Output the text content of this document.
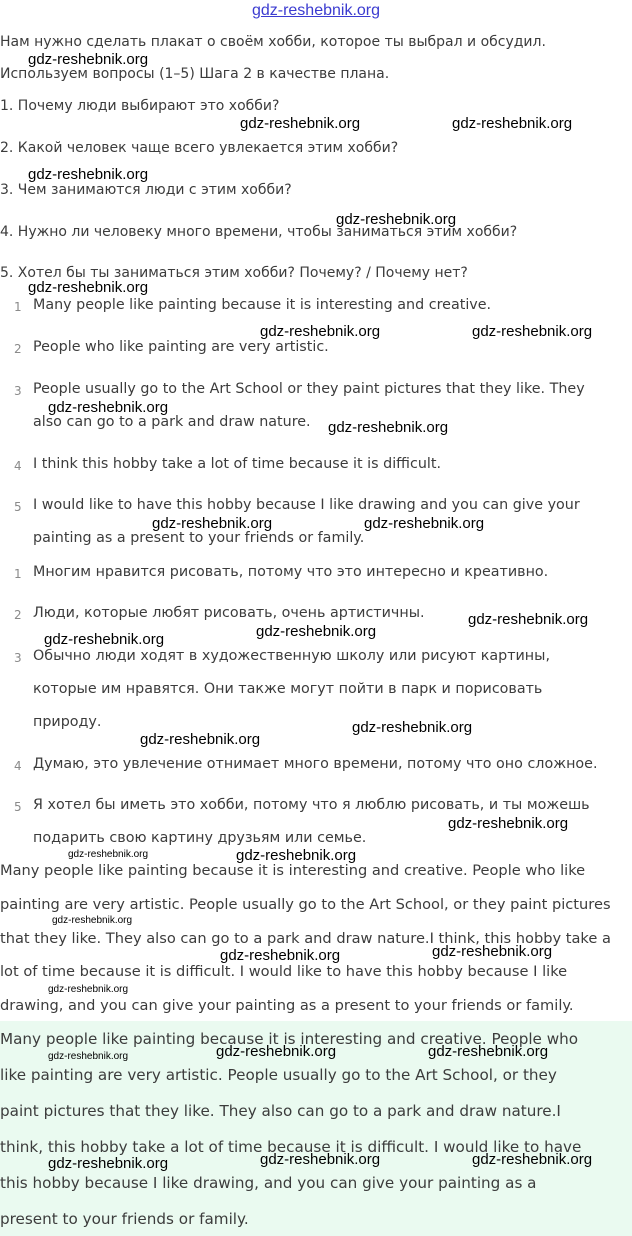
gdz-reshebnik.org
Нам нужно сделать плакат о своём хобби, которое ты выбрал и обсудил.
Используем вопросы (1–5) Шага 2 в качестве плана.
1. Почему люди выбирают это хобби?
2. Какой человек чаще всего увлекается этим хобби?
3. Чем занимаются люди с этим хобби?
4. Нужно ли человеку много времени, чтобы заниматься этим хобби?
5. Хотел бы ты заниматься этим хобби? Почему? / Почему нет?
1 Many people like painting because it is interesting and creative.
2 People who like painting are very artistic.
3 People usually go to the Art School or they paint pictures that they like. They
also can go to a park and draw nature.
4 I think this hobby take a lot of time because it is difficult.
5 I would like to have this hobby because I like drawing and you can give your
painting as a present to your friends or family.
1 Многим нравится рисовать, потому что это интересно и креативно.
2 Люди, которые любят рисовать, очень артистичны.
3 Обычно люди ходят в художественную школу или рисуют картины,
которые им нравятся. Они также могут пойти в парк и порисовать
природу.
4 Думаю, это увлечение отнимает много времени, потому что оно сложное.
5 Я хотел бы иметь это хобби, потому что я люблю рисовать, и ты можешь
подарить свою картину друзьям или семье.
Many people like painting because it is interesting and creative. People who like
painting are very artistic. People usually go to the Art School, or they paint pictures
that they like. They also can go to a park and draw nature.I think, this hobby take a
lot of time because it is difficult. I would like to have this hobby because I like
drawing, and you can give your painting as a present to your friends or family.
Many people like painting because it is interesting and creative. People who
like painting are very artistic. People usually go to the Art School, or they
paint pictures that they like. They also can go to a park and draw nature.I
think, this hobby take a lot of time because it is difficult. I would like to have
this hobby because I like drawing, and you can give your painting as a
present to your friends or family.
gdz-reshebnik.org
gdz-reshebnik.org	gdz-reshebnik.org
gdz-reshebnik.org
gdz-reshebnik.org
gdz-reshebnik.org
gdz-reshebnik.org	gdz-reshebnik.org
gdz-reshebnik.org
gdz-reshebnik.org
gdz-reshebnik.org	gdz-reshebnik.org
gdz-reshebnik.org
gdz-reshebnik.org
gdz-reshebnik.org
gdz-reshebnik.org
gdz-reshebnik.org
gdz-reshebnik.org
gdz-reshebnik.org
gdz-reshebnik.org
gdz-reshebnik.org
gdz-reshebnik.org
gdz-reshebnik.org
gdz-reshebnik.org
gdz-reshebnik.org	gdz-reshebnik.org
gdz-reshebnik.org
gdz-reshebnik.org	gdz-reshebnik.org
gdz-reshebnik.org
